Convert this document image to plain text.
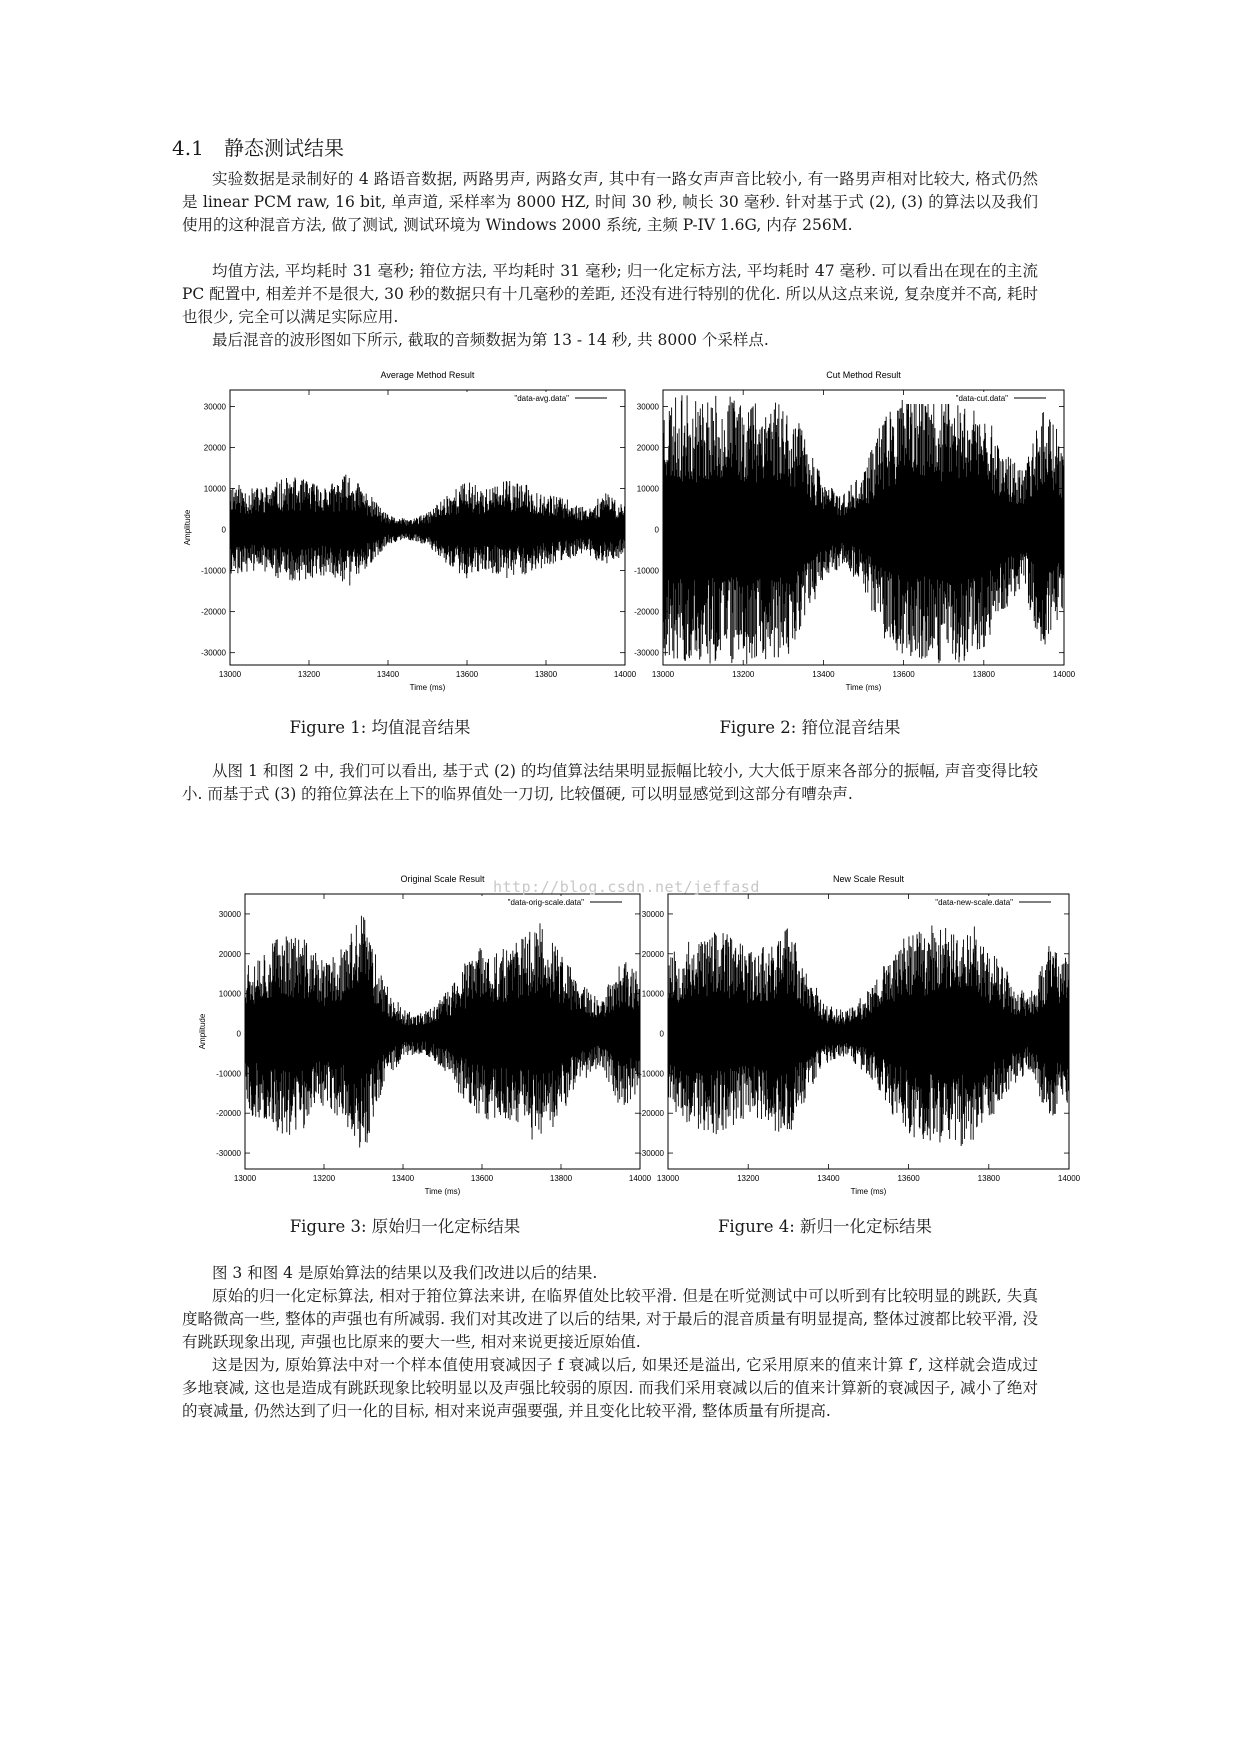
4.1 静态测试结果

实验数据是录制好的 4 路语音数据, 两路男声, 两路女声, 其中有一路女声声音比较小, 有一路男声相对比较大, 格式仍然是 linear PCM raw, 16 bit, 单声道, 采样率为 8000 HZ, 时间 30 秒, 帧长 30 毫秒. 针对基于式 (2), (3) 的算法以及我们使用的这种混音方法, 做了测试, 测试环境为 Windows 2000 系统, 主频 P-IV 1.6G, 内存 256M.

均值方法, 平均耗时 31 毫秒; 箝位方法, 平均耗时 31 毫秒; 归一化定标方法, 平均耗时 47 毫秒. 可以看出在现在的主流 PC 配置中, 相差并不是很大, 30 秒的数据只有十几毫秒的差距, 还没有进行特别的优化. 所以从这点来说, 复杂度并不高, 耗时也很少, 完全可以满足实际应用.

最后混音的波形图如下所示, 截取的音频数据为第 13 - 14 秒, 共 8000 个采样点.

Average Method Result
30000
20000
10000
0
-10000
-20000
-30000
13000	13200	13400	13600	13800	14000
Time (ms)
Amplitude
"data-avg.data"
Cut Method Result
30000
20000
10000
0
-10000
-20000
-30000
13000	13200	13400	13600	13800	14000
Time (ms)
"data-cut.data"
Figure 1: 均值混音结果	Figure 2: 箝位混音结果

从图 1 和图 2 中, 我们可以看出, 基于式 (2) 的均值算法结果明显振幅比较小, 大大低于原来各部分的振幅, 声音变得比较小. 而基于式 (3) 的箝位算法在上下的临界值处一刀切, 比较僵硬, 可以明显感觉到这部分有嘈杂声.

Original Scale Result
30000
20000
10000
0
-10000
-20000
-30000
13000	13200	13400	13600	13800	14000
Time (ms)
Amplitude
"data-orig-scale.data"
New Scale Result
30000
20000
10000
0
-10000
-20000
-30000
13000	13200	13400	13600	13800	14000
Time (ms)
"data-new-scale.data"
http://blog.csdn.net/jeffasd
Figure 3: 原始归一化定标结果	Figure 4: 新归一化定标结果

图 3 和图 4 是原始算法的结果以及我们改进以后的结果.

原始的归一化定标算法, 相对于箝位算法来讲, 在临界值处比较平滑. 但是在听觉测试中可以听到有比较明显的跳跃, 失真度略微高一些, 整体的声强也有所减弱. 我们对其改进了以后的结果, 对于最后的混音质量有明显提高, 整体过渡都比较平滑, 没有跳跃现象出现, 声强也比原来的要大一些, 相对来说更接近原始值.

这是因为, 原始算法中对一个样本值使用衰减因子 f 衰减以后, 如果还是溢出, 它采用原来的值来计算 f′, 这样就会造成过多地衰减, 这也是造成有跳跃现象比较明显以及声强比较弱的原因. 而我们采用衰减以后的值来计算新的衰减因子, 减小了绝对的衰减量, 仍然达到了归一化的目标, 相对来说声强要强, 并且变化比较平滑, 整体质量有所提高.
